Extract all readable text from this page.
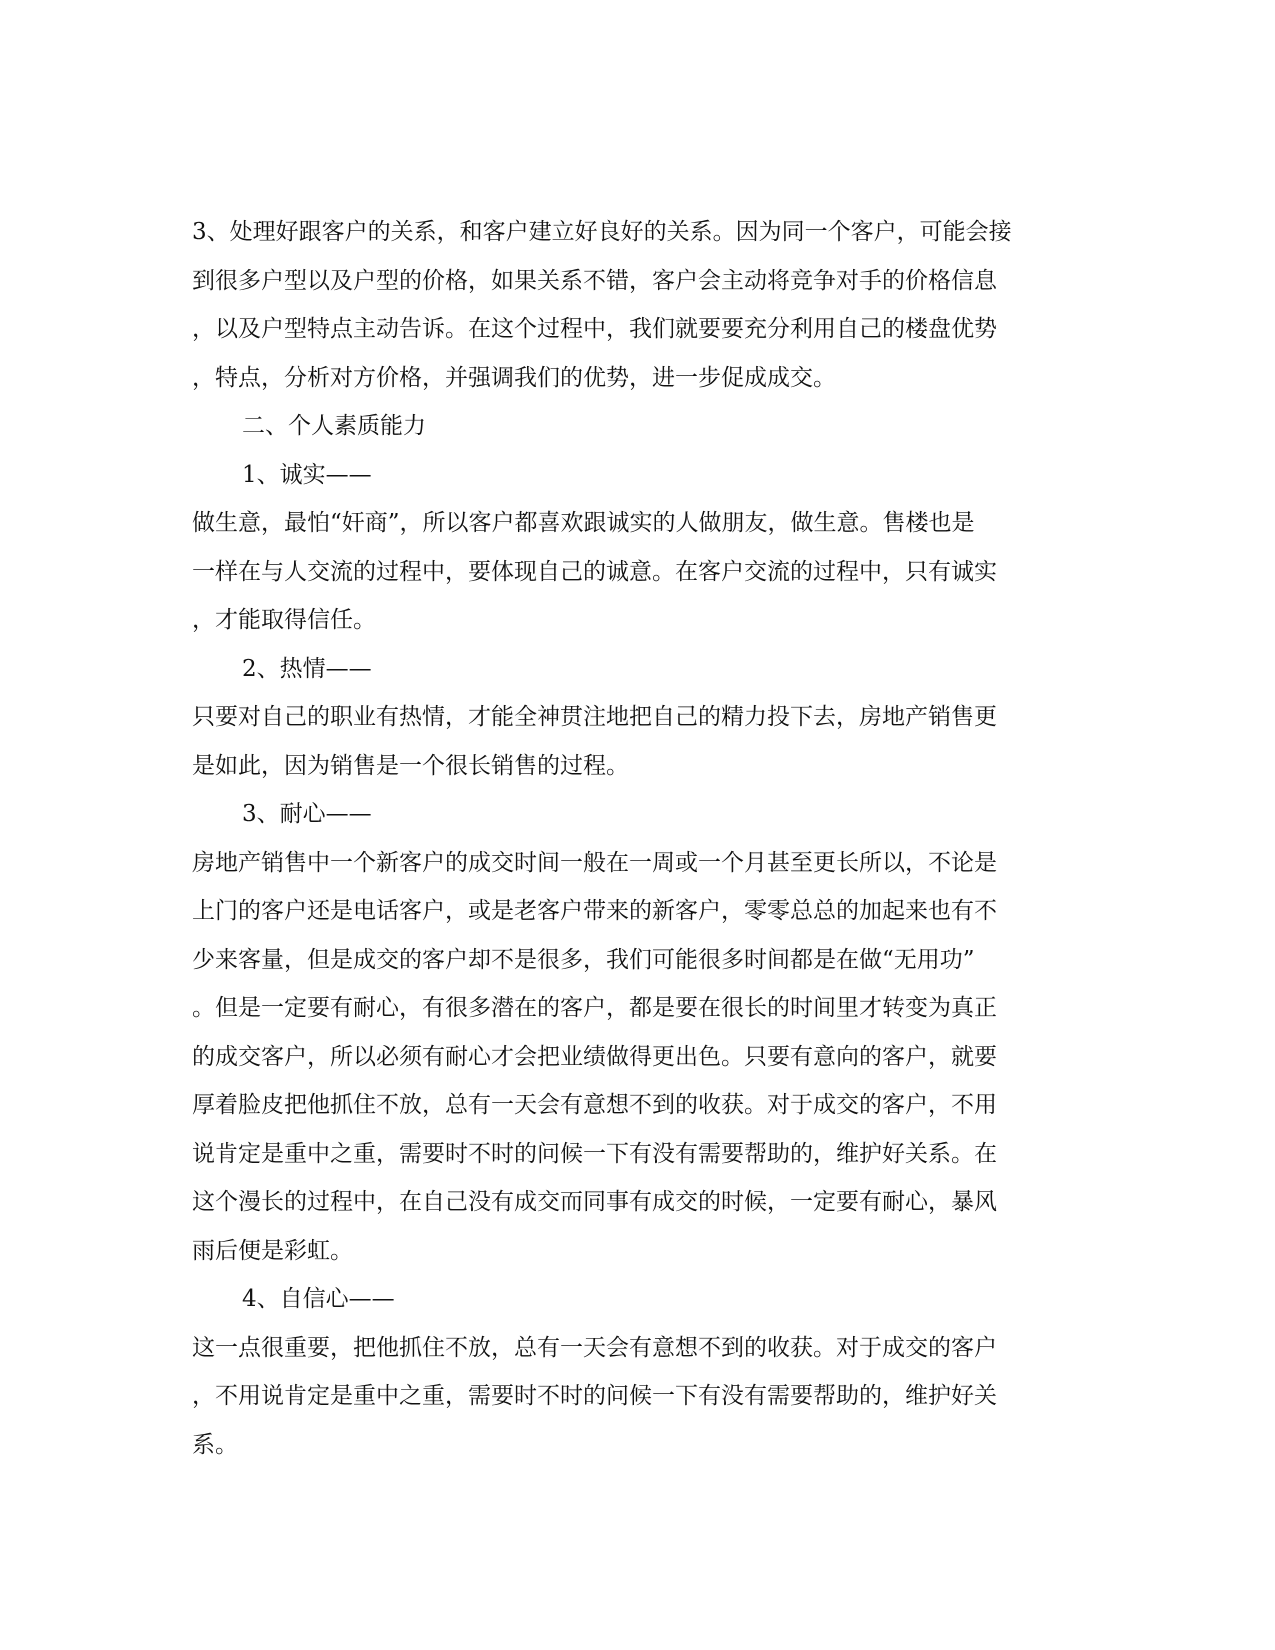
3、处理好跟客户的关系，和客户建立好良好的关系。因为同一个客户，可能会接
到很多户型以及户型的价格，如果关系不错，客户会主动将竞争对手的价格信息
，以及户型特点主动告诉。在这个过程中，我们就要要充分利用自己的楼盘优势
，特点，分析对方价格，并强调我们的优势，进一步促成成交。
二、个人素质能力
1、诚实——
做生意，最怕“奸商”，所以客户都喜欢跟诚实的人做朋友，做生意。售楼也是
一样在与人交流的过程中，要体现自己的诚意。在客户交流的过程中，只有诚实
，才能取得信任。
2、热情——
只要对自己的职业有热情，才能全神贯注地把自己的精力投下去，房地产销售更
是如此，因为销售是一个很长销售的过程。
3、耐心——
房地产销售中一个新客户的成交时间一般在一周或一个月甚至更长所以，不论是
上门的客户还是电话客户，或是老客户带来的新客户，零零总总的加起来也有不
少来客量，但是成交的客户却不是很多，我们可能很多时间都是在做“无用功”
。但是一定要有耐心，有很多潜在的客户，都是要在很长的时间里才转变为真正
的成交客户，所以必须有耐心才会把业绩做得更出色。只要有意向的客户，就要
厚着脸皮把他抓住不放，总有一天会有意想不到的收获。对于成交的客户，不用
说肯定是重中之重，需要时不时的问候一下有没有需要帮助的，维护好关系。在
这个漫长的过程中，在自己没有成交而同事有成交的时候，一定要有耐心，暴风
雨后便是彩虹。
4、自信心——
这一点很重要，把他抓住不放，总有一天会有意想不到的收获。对于成交的客户
，不用说肯定是重中之重，需要时不时的问候一下有没有需要帮助的，维护好关
系。
